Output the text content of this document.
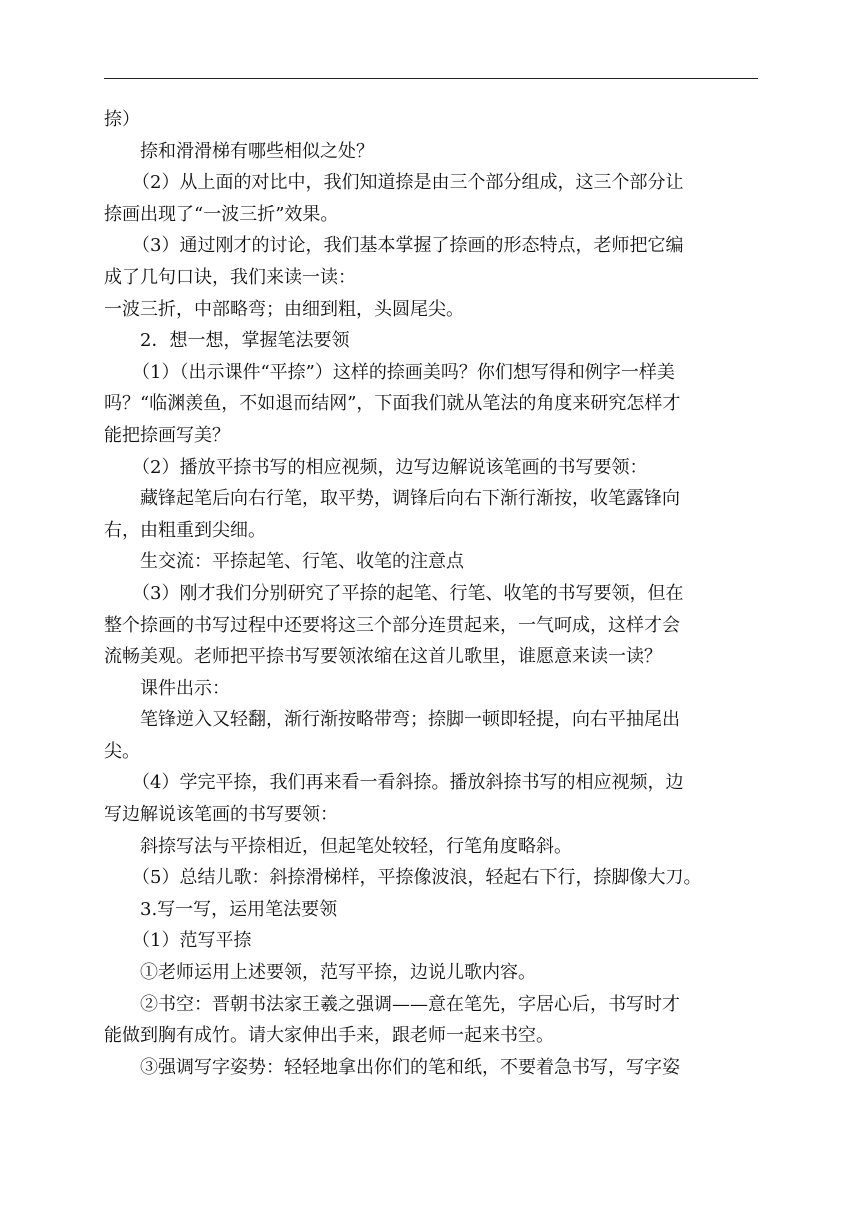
捺）
捺和滑滑梯有哪些相似之处？
（2）从上面的对比中，我们知道捺是由三个部分组成，这三个部分让
捺画出现了“一波三折”效果。
（3）通过刚才的讨论，我们基本掌握了捺画的形态特点，老师把它编
成了几句口诀，我们来读一读：
一波三折，中部略弯；由细到粗，头圆尾尖。
2．想一想，掌握笔法要领
（1）（出示课件“平捺”）这样的捺画美吗？你们想写得和例字一样美
吗？“临渊羡鱼，不如退而结网”，下面我们就从笔法的角度来研究怎样才
能把捺画写美？
（2）播放平捺书写的相应视频，边写边解说该笔画的书写要领：
藏锋起笔后向右行笔，取平势，调锋后向右下渐行渐按，收笔露锋向
右，由粗重到尖细。
生交流：平捺起笔、行笔、收笔的注意点
（3）刚才我们分别研究了平捺的起笔、行笔、收笔的书写要领，但在
整个捺画的书写过程中还要将这三个部分连贯起来，一气呵成，这样才会
流畅美观。老师把平捺书写要领浓缩在这首儿歌里，谁愿意来读一读？
课件出示：
笔锋逆入又轻翻，渐行渐按略带弯；捺脚一顿即轻提，向右平抽尾出
尖。
（4）学完平捺，我们再来看一看斜捺。播放斜捺书写的相应视频，边
写边解说该笔画的书写要领：
斜捺写法与平捺相近，但起笔处较轻，行笔角度略斜。
（5）总结儿歌：斜捺滑梯样，平捺像波浪，轻起右下行，捺脚像大刀。
3.写一写，运用笔法要领
（1）范写平捺
①老师运用上述要领，范写平捺，边说儿歌内容。
②书空：晋朝书法家王羲之强调——意在笔先，字居心后，书写时才
能做到胸有成竹。请大家伸出手来，跟老师一起来书空。
③强调写字姿势：轻轻地拿出你们的笔和纸，不要着急书写，写字姿
